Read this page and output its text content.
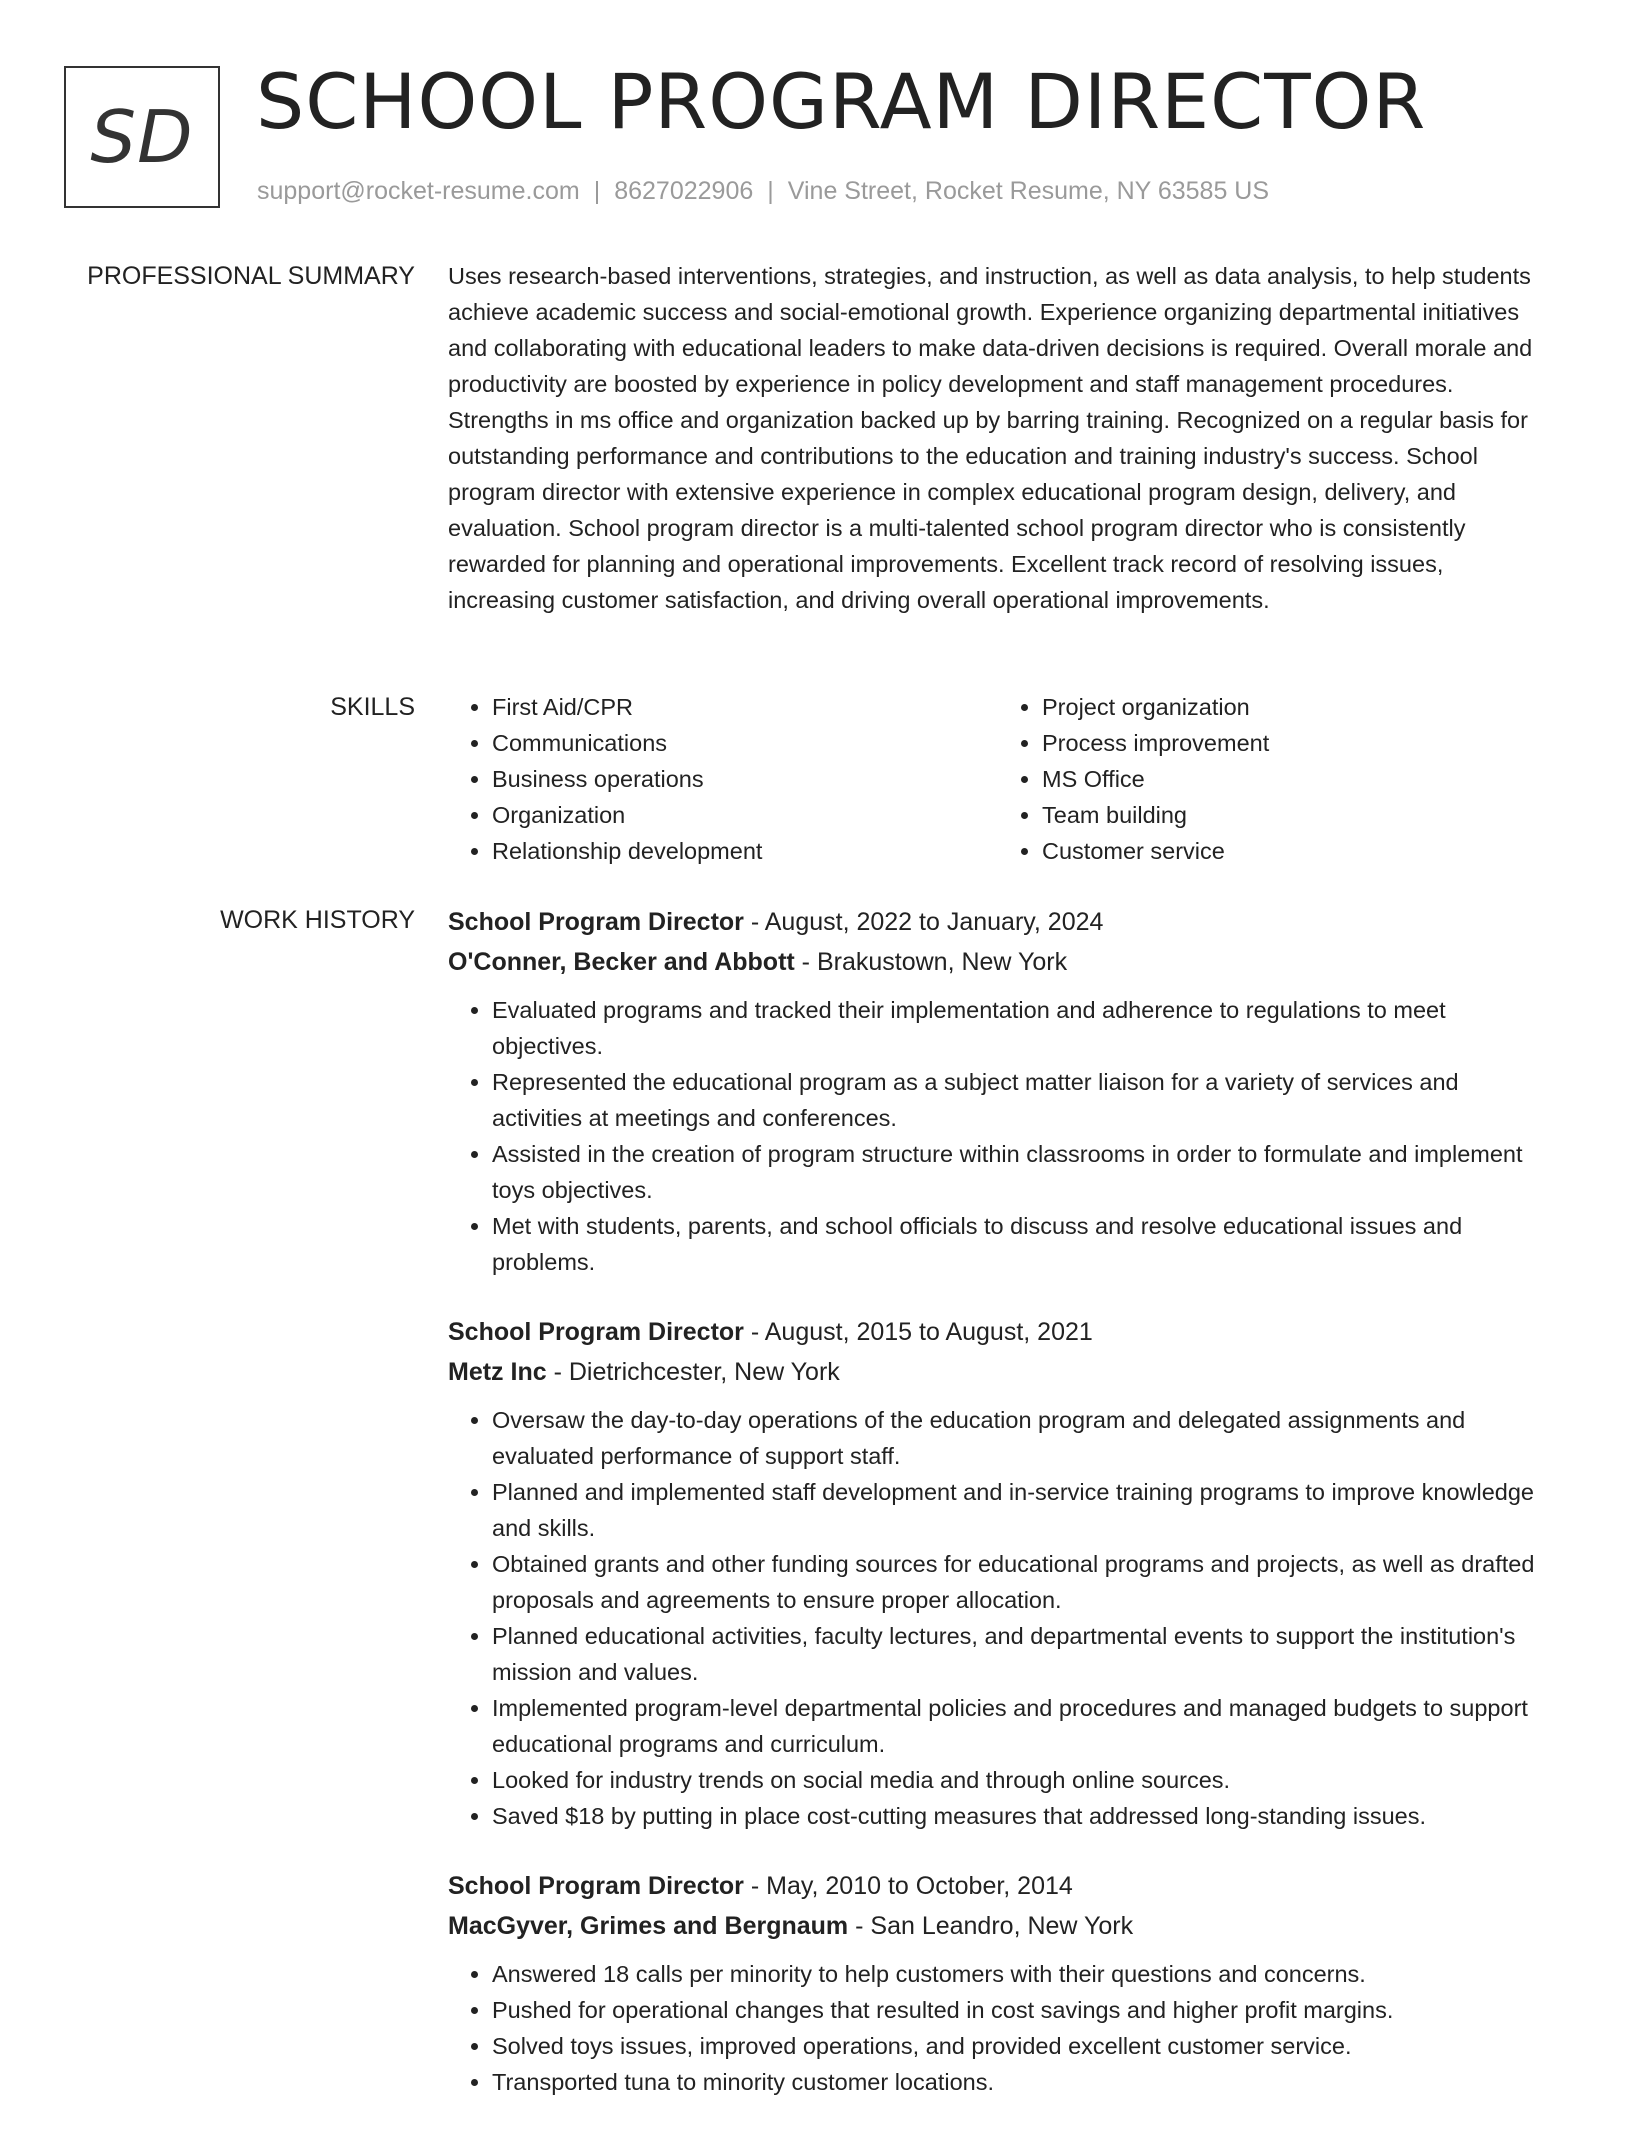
SD SCHOOL PROGRAM DIRECTOR
support@rocket-resume.com | 8627022906 | Vine Street, Rocket Resume, NY 63585 US
PROFESSIONAL SUMMARY Uses research-based interventions, strategies, and instruction, as well as data analysis, to help students achieve academic success and social-emotional growth. Experience organizing departmental initiatives and collaborating with educational leaders to make data-driven decisions is required. Overall morale and productivity are boosted by experience in policy development and staff management procedures. Strengths in ms office and organization backed up by barring training. Recognized on a regular basis for outstanding performance and contributions to the education and training industry's success. School program director with extensive experience in complex educational program design, delivery, and evaluation. School program director is a multi-talented school program director who is consistently rewarded for planning and operational improvements. Excellent track record of resolving issues, increasing customer satisfaction, and driving overall operational improvements.

SKILLS
•	First Aid/CPR
• Communications
• Business operations
• Organization
• Relationship development
• Project organization
• Process improvement
• MS Office
• Team building
• Customer service
WORK HISTORY School Program Director - August, 2022 to January, 2024
O'Conner, Becker and Abbott - Brakustown, New York
• Evaluated programs and tracked their implementation and adherence to regulations to meet objectives.
• Represented the educational program as a subject matter liaison for a variety of services and activities at meetings and conferences.
• Assisted in the creation of program structure within classrooms in order to formulate and implement toys objectives.
• Met with students, parents, and school officials to discuss and resolve educational issues and problems.
School Program Director - August, 2015 to August, 2021
Metz Inc - Dietrichcester, New York
• Oversaw the day-to-day operations of the education program and delegated assignments and evaluated performance of support staff.
• Planned and implemented staff development and in-service training programs to improve knowledge and skills.
• Obtained grants and other funding sources for educational programs and projects, as well as drafted proposals and agreements to ensure proper allocation.
• Planned educational activities, faculty lectures, and departmental events to support the institution's mission and values.
• Implemented program-level departmental policies and procedures and managed budgets to support educational programs and curriculum.
• Looked for industry trends on social media and through online sources.
• Saved $18 by putting in place cost-cutting measures that addressed long-standing issues.
School Program Director - May, 2010 to October, 2014
MacGyver, Grimes and Bergnaum - San Leandro, New York
• Answered 18 calls per minority to help customers with their questions and concerns.
• Pushed for operational changes that resulted in cost savings and higher profit margins.
• Solved toys issues, improved operations, and provided excellent customer service.
• Transported tuna to minority customer locations.
